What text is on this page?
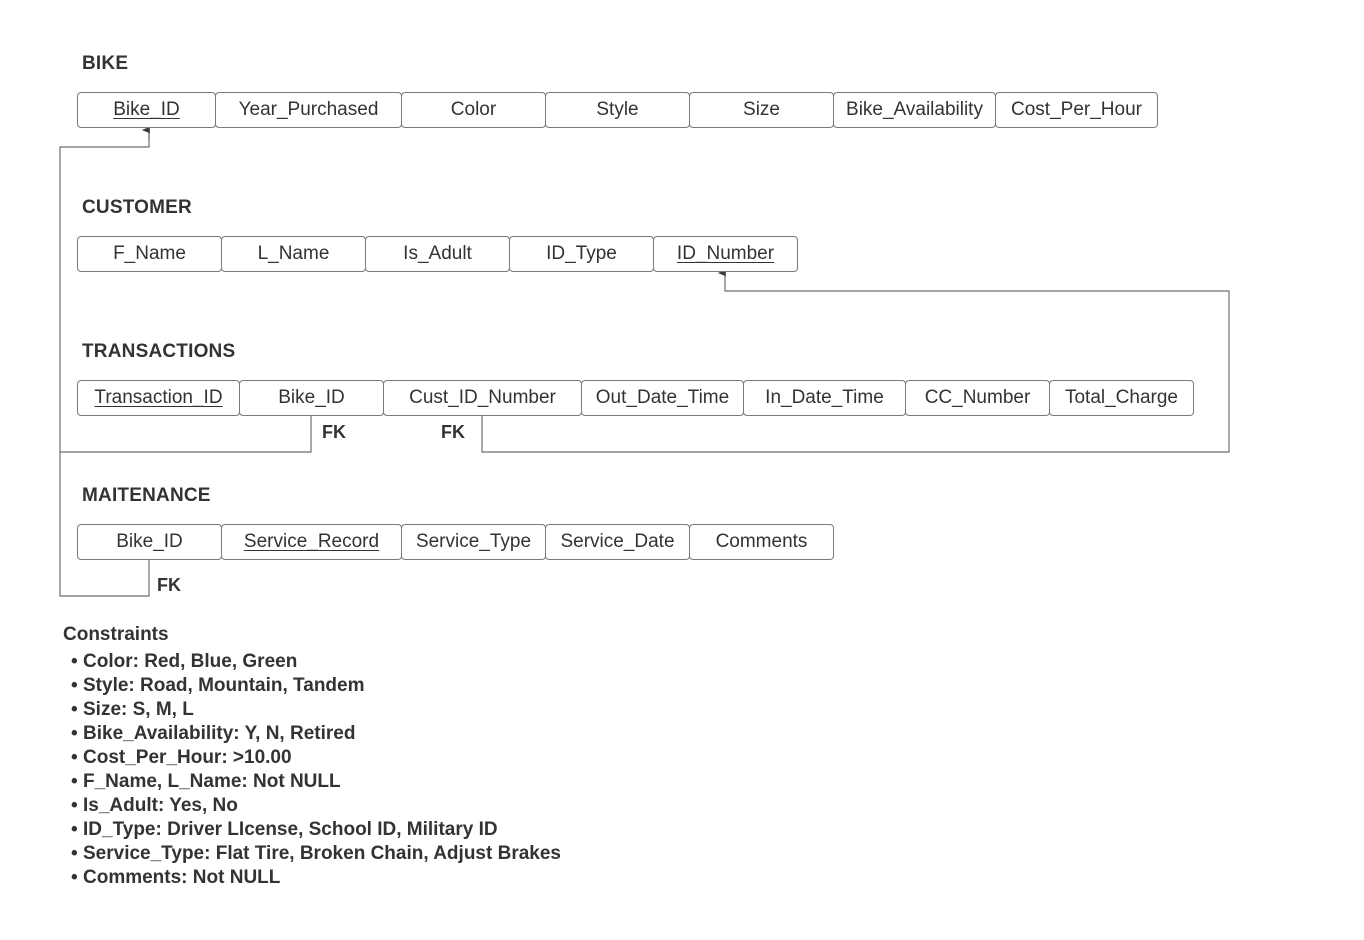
BIKE
Bike_ID	Year_Purchased	Color	Style	Size	Bike_Availability	Cost_Per_Hour
CUSTOMER
F_Name	L_Name	Is_Adult	ID_Type	ID_Number
TRANSACTIONS
Transaction_ID	Bike_ID	Cust_ID_Number	Out_Date_Time	In_Date_Time	CC_Number	Total_Charge
FK	FK
MAITENANCE
Bike_ID	Service_Record	Service_Type	Service_Date	Comments
FK
Constraints
• Color: Red, Blue, Green
• Style: Road, Mountain, Tandem
• Size: S, M, L
• Bike_Availability: Y, N, Retired
• Cost_Per_Hour: >10.00
• F_Name, L_Name: Not NULL
• Is_Adult: Yes, No
• ID_Type: Driver LIcense, School ID, Military ID
• Service_Type: Flat Tire, Broken Chain, Adjust Brakes
• Comments: Not NULL
